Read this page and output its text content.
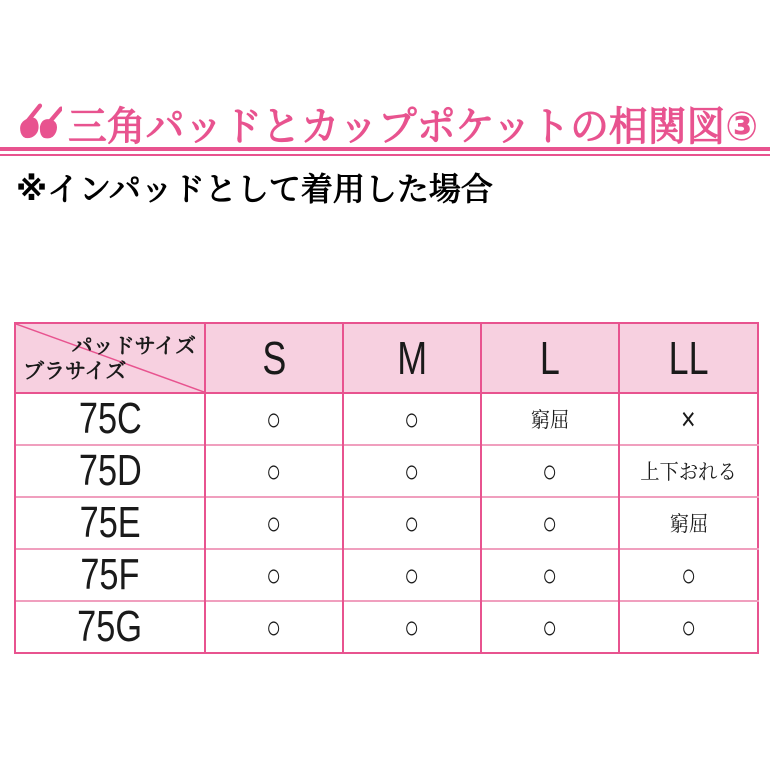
三角パッドとカップポケットの相関図③
※インパッドとして着用した場合
パッドサイズ
ブラサイズ	S	M	L	LL
75C	○	○	窮屈	×
75D	○	○	○	上下おれる
75E	○	○	○	窮屈
75F	○	○	○	○
75G	○	○	○	○
